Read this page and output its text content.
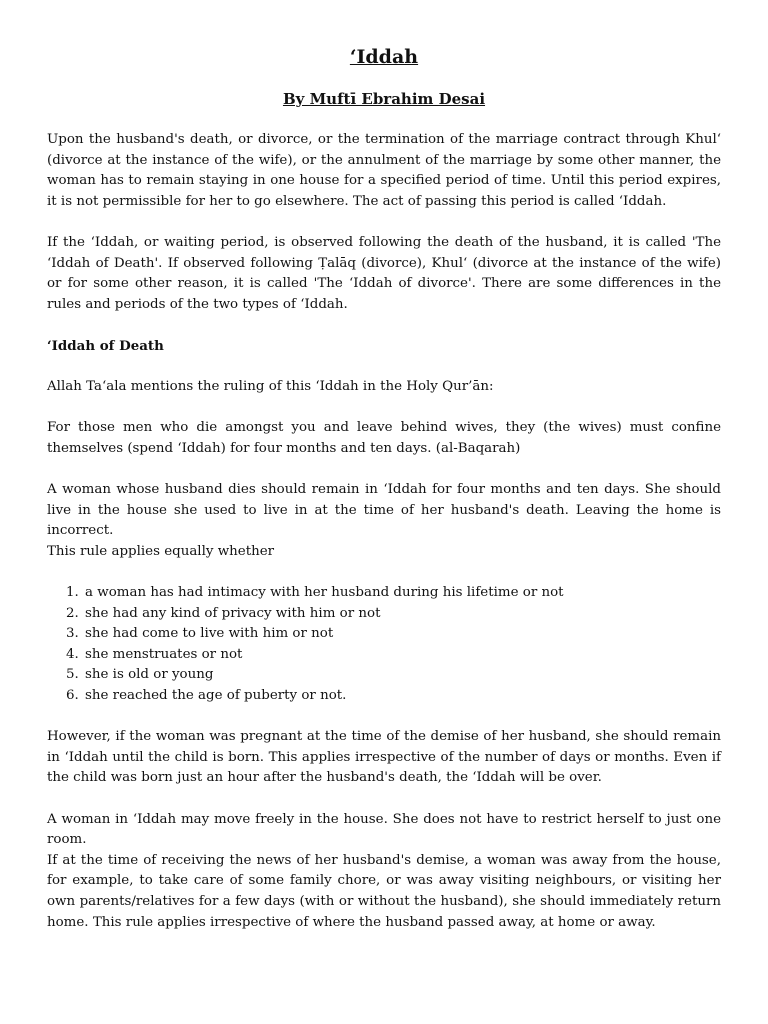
‘Iddah
By Muftī Ebrahim Desai

Upon the husband's death, or divorce, or the termination of the marriage contract through Khul‘ (divorce at the instance of the wife), or the annulment of the marriage by some other manner, the woman has to remain staying in one house for a specified period of time. Until this period expires, it is not permissible for her to go elsewhere. The act of passing this period is called ‘Iddah.

If the ‘Iddah, or waiting period, is observed following the death of the husband, it is called 'The ‘Iddah of Death'. If observed following Ṭalāq (divorce), Khul‘ (divorce at the instance of the wife) or for some other reason, it is called 'The ‘Iddah of divorce'. There are some differences in the rules and periods of the two types of ‘Iddah.

‘Iddah of Death

Allah Ta‘ala mentions the ruling of this ‘Iddah in the Holy Qur’ān:

For those men who die amongst you and leave behind wives, they (the wives) must confine themselves (spend ‘Iddah) for four months and ten days. (al-Baqarah)

A woman whose husband dies should remain in ‘Iddah for four months and ten days. She should live in the house she used to live in at the time of her husband's death. Leaving the home is incorrect.

This rule applies equally whether

1. a woman has had intimacy with her husband during his lifetime or not
2. she had any kind of privacy with him or not
3. she had come to live with him or not
4. she menstruates or not
5. she is old or young
6. she reached the age of puberty or not.

However, if the woman was pregnant at the time of the demise of her husband, she should remain in ‘Iddah until the child is born. This applies irrespective of the number of days or months. Even if the child was born just an hour after the husband's death, the ‘Iddah will be over.

A woman in ‘Iddah may move freely in the house. She does not have to restrict herself to just one room.

If at the time of receiving the news of her husband's demise, a woman was away from the house, for example, to take care of some family chore, or was away visiting neighbours, or visiting her own parents/relatives for a few days (with or without the husband), she should immediately return home. This rule applies irrespective of where the husband passed away, at home or away.
